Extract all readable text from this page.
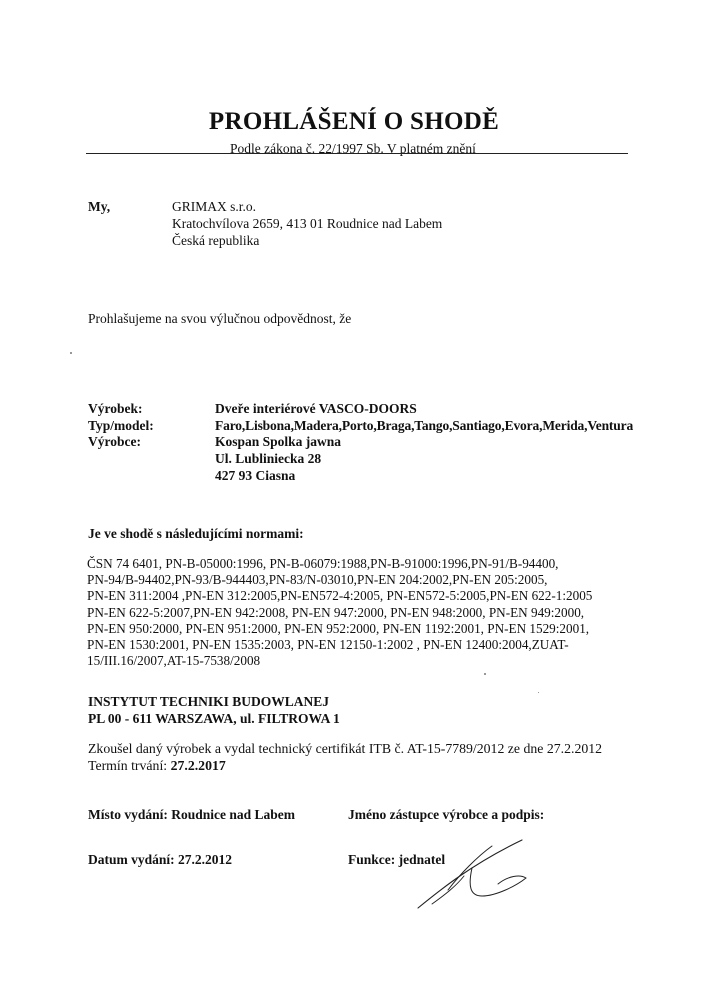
PROHLÁŠENÍ O SHODĚ
Podle zákona č. 22/1997 Sb. V platném znění
My,	GRIMAX s.r.o.
Kratochvílova 2659, 413 01 Roudnice nad Labem
Česká republika
Prohlašujeme na svou výlučnou odpovědnost, že
Výrobek:	Dveře interiérové VASCO-DOORS
Typ/model:	Faro,Lisbona,Madera,Porto,Braga,Tango,Santiago,Evora,Merida,Ventura
Výrobce:	Kospan Spolka jawna
Ul. Lubliniecka 28
427 93 Ciasna
Je ve shodě s následujícími normami:
ČSN 74 6401, PN-B-05000:1996, PN-B-06079:1988,PN-B-91000:1996,PN-91/B-94400,
PN-94/B-94402,PN-93/B-944403,PN-83/N-03010,PN-EN 204:2002,PN-EN 205:2005,
PN-EN 311:2004 ,PN-EN 312:2005,PN-EN572-4:2005, PN-EN572-5:2005,PN-EN 622-1:2005
PN-EN 622-5:2007,PN-EN 942:2008, PN-EN 947:2000, PN-EN 948:2000, PN-EN 949:2000,
PN-EN 950:2000, PN-EN 951:2000, PN-EN 952:2000, PN-EN 1192:2001, PN-EN 1529:2001,
PN-EN 1530:2001, PN-EN 1535:2003, PN-EN 12150-1:2002 , PN-EN 12400:2004,ZUAT-
15/III.16/2007,AT-15-7538/2008
INSTYTUT TECHNIKI BUDOWLANEJ
PL 00 - 611 WARSZAWA, ul. FILTROWA 1
Zkoušel daný výrobek a vydal technický certifikát ITB č. AT-15-7789/2012 ze dne 27.2.2012
Termín trvání: 27.2.2017
Místo vydání: Roudnice nad Labem	Jméno zástupce výrobce a podpis:
Datum vydání: 27.2.2012	Funkce: jednatel
